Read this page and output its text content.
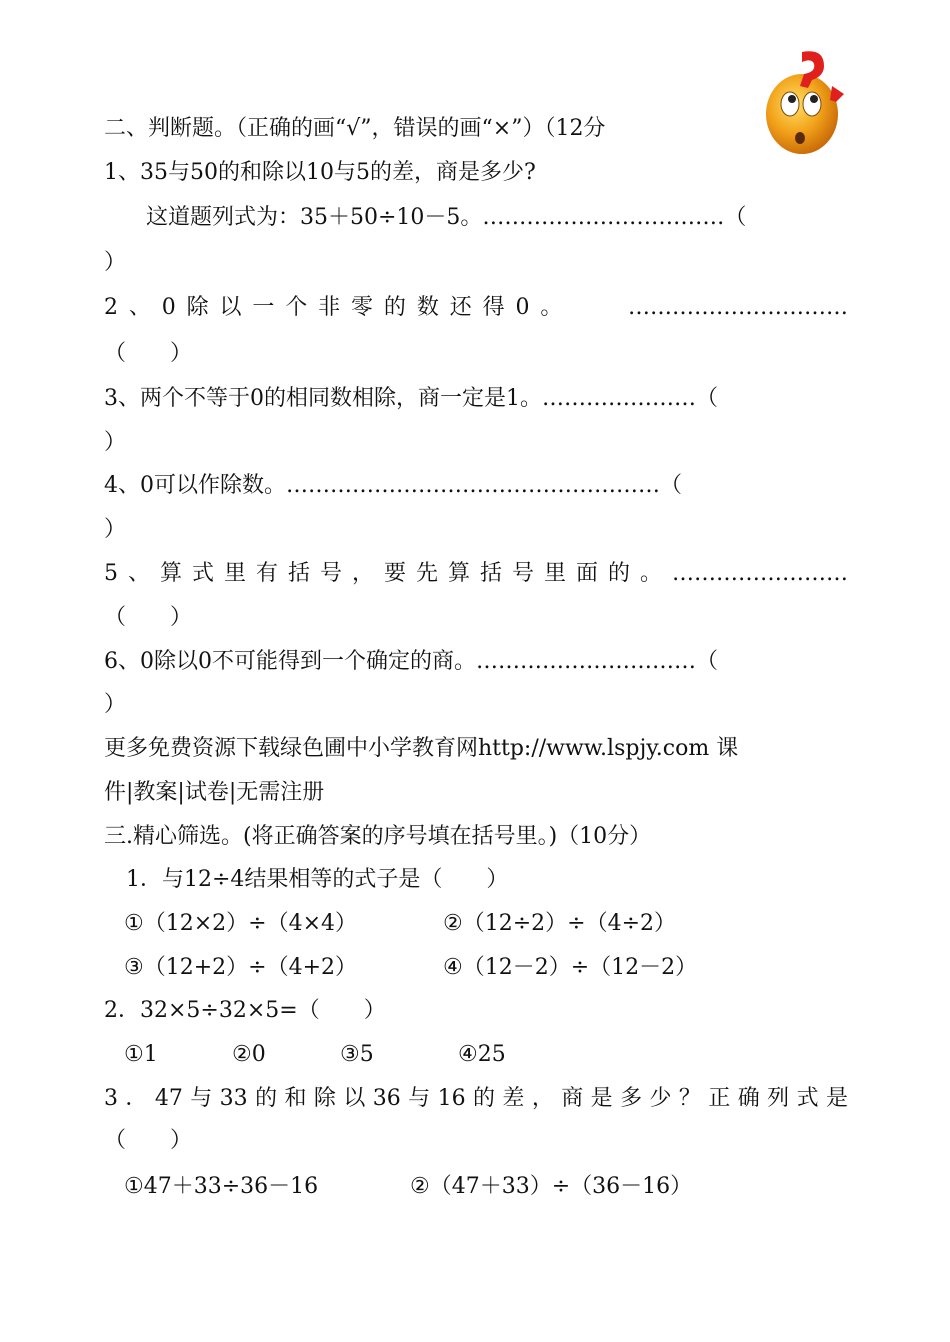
二、判断题。（正确的画“√”，错误的画“×”）（12分
1、35与50的和除以10与5的差，商是多少?
这道题列式为：35＋50÷10－5。……………………………（
）
2、0除以一个非零的数还得0。　　…………………………
（　　）
3、两个不等于0的相同数相除，商一定是1。…………………（
）
4、0可以作除数。……………………………………………（
）
5、算式里有括号，要先算括号里面的。……………………
（　　）
6、0除以0不可能得到一个确定的商。…………………………（
）
更多免费资源下载绿色圃中小学教育网http://www.lspjy.com 课
件|教案|试卷|无需注册
三.精心筛选。(将正确答案的序号填在括号里。)（10分）
1．与12÷4结果相等的式子是（　　）
①（12×2）÷（4×4）	②（12÷2）÷（4÷2）
③（12+2）÷（4+2）	④（12－2）÷（12－2）
2．32×5÷32×5=（　　）
①1	②0	③5	④25
3．47与33的和除以36与16的差，商是多少？正确列式是
（　　）
①47＋33÷36－16	②（47＋33）÷（36－16）
